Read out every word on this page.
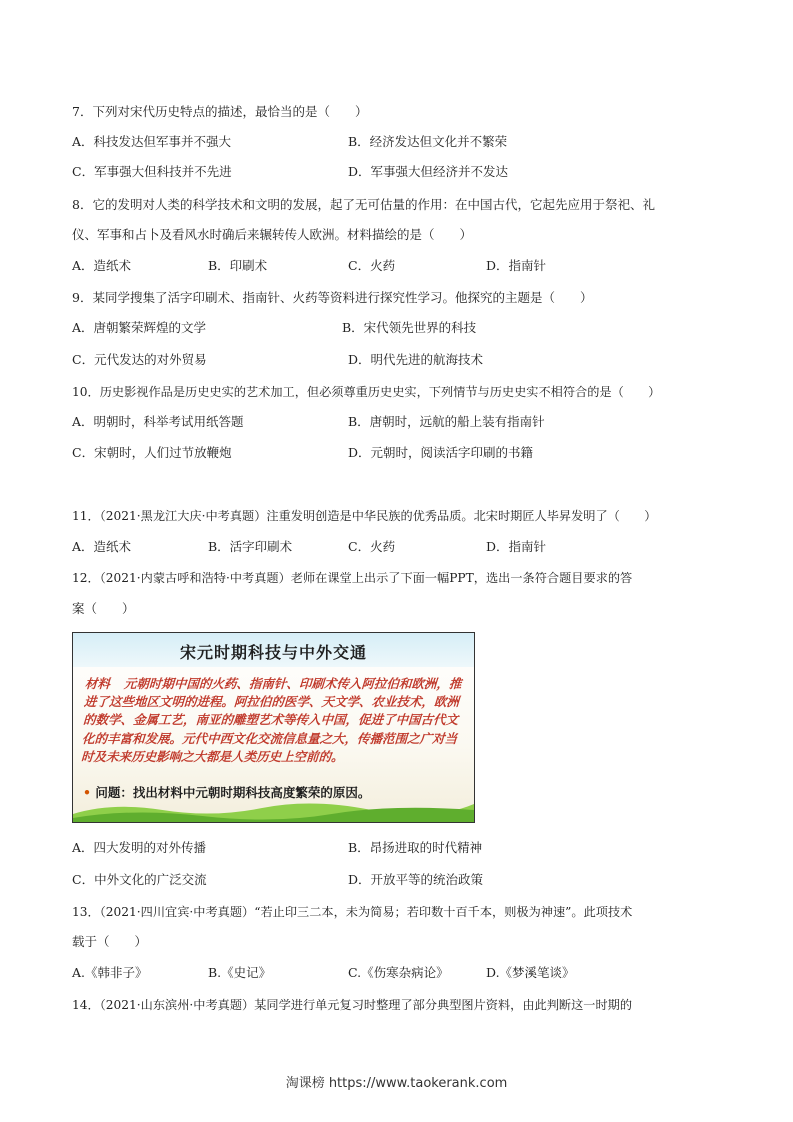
7．下列对宋代历史特点的描述，最恰当的是（　　）
A．科技发达但军事并不强大	B．经济发达但文化并不繁荣
C．军事强大但科技并不先进	D．军事强大但经济并不发达
8．它的发明对人类的科学技术和文明的发展，起了无可估量的作用：在中国古代，它起先应用于祭祀、礼
仪、军事和占卜及看风水时确后来辗转传人欧洲。材料描绘的是（　　）
A．造纸术	B．印刷术	C．火药	D．指南针
9．某同学搜集了活字印刷术、指南针、火药等资料进行探究性学习。他探究的主题是（　　）
A．唐朝繁荣辉煌的文学	B．宋代领先世界的科技
C．元代发达的对外贸易	D．明代先进的航海技术
10．历史影视作品是历史史实的艺术加工，但必须尊重历史史实，下列情节与历史史实不相符合的是（　　）
A．明朝时，科举考试用纸答题	B．唐朝时，远航的船上装有指南针
C．宋朝时，人们过节放鞭炮	D．元朝时，阅读活字印刷的书籍
11．（2021·黑龙江大庆·中考真题）注重发明创造是中华民族的优秀品质。北宋时期匠人毕昇发明了（　　）
A．造纸术	B．活字印刷术	C．火药	D．指南针
12．（2021·内蒙古呼和浩特·中考真题）老师在课堂上出示了下面一幅PPT，选出一条符合题目要求的答
案（　　）
宋元时期科技与中外交通
材料 元朝时期中国的火药、指南针、印刷术传入阿拉伯和欧洲，推进了这些地区文明的进程。阿拉伯的医学、天文学、农业技术，欧洲的数学、金属工艺，南亚的雕塑艺术等传入中国，促进了中国古代文化的丰富和发展。元代中西文化交流信息量之大，传播范围之广对当时及未来历史影响之大都是人类历史上空前的。
• 问题：找出材料中元朝时期科技高度繁荣的原因。
A．四大发明的对外传播	B．昂扬进取的时代精神
C．中外文化的广泛交流	D．开放平等的统治政策
13．（2021·四川宜宾·中考真题）“若止印三二本，未为简易；若印数十百千本，则极为神速”。此项技术
载于（　　）
A.《韩非子》	B.《史记》	C.《伤寒杂病论》	D.《梦溪笔谈》
14．（2021·山东滨州·中考真题）某同学进行单元复习时整理了部分典型图片资料，由此判断这一时期的
淘课榜 https://www.taokerank.com
